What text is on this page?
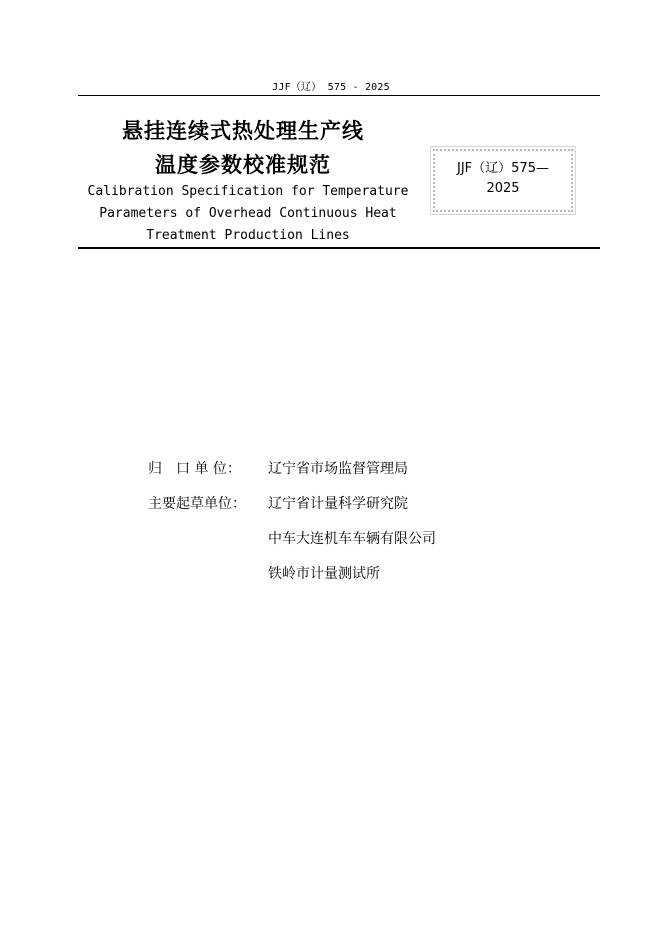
JJF（辽） 575 - 2025
悬挂连续式热处理生产线
温度参数校准规范
Calibration Specification for Temperature
Parameters of Overhead Continuous Heat
Treatment Production Lines
JJF（辽）575—
2025
归　口 单 位： 辽宁省市场监督管理局
主要起草单位： 辽宁省计量科学研究院
中车大连机车车辆有限公司
铁岭市计量测试所
